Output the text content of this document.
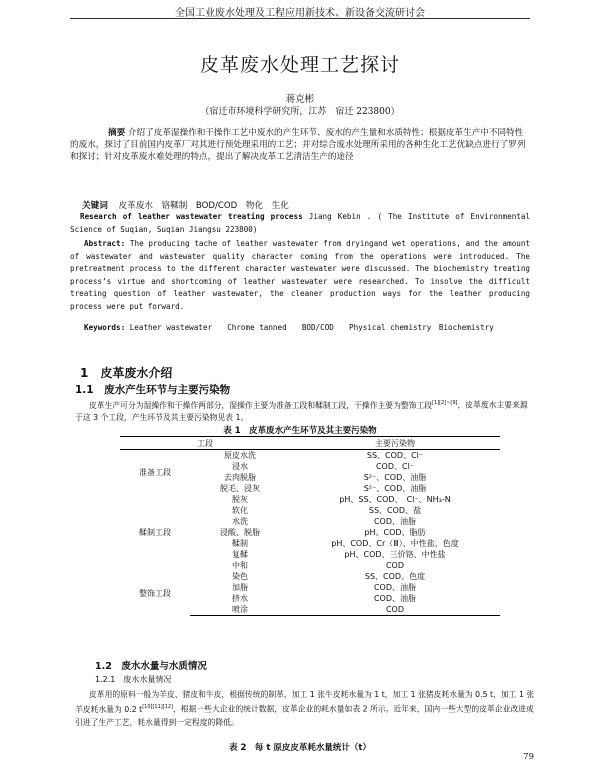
全国工业废水处理及工程应用新技术、新设备交流研讨会
皮革废水处理工艺探讨
蒋克彬
（宿迁市环境科学研究所，江苏　宿迁 223800）
摘要 介绍了皮革湿操作和干操作工艺中废水的产生环节、废水的产生量和水质特性；根据皮革生产中不同特性的废水，探讨了目前国内皮革厂对其进行预处理采用的工艺；并对综合废水处理所采用的各种生化工艺优缺点进行了罗列和探讨；针对皮革废水难处理的特点，提出了解决皮革工艺清洁生产的途径
关键词 皮革废水　铬鞣制　BOD/COD　物化　生化
Research of leather wastewater treating process Jiang Kebin . ( The Institute of Environmental Science of Suqian, Suqian Jiangsu 223800)
Abstract: The producing tache of leather wastewater from dryingand wet operations, and the amount of wastewater and wastewater quality character coming from the operations were introduced. The pretreatment process to the different character wastewater were discussed. The biochemistry treating process’s virtue and shortcoming of leather wastewater were researched. To insolve the difficult treating question of leather wastewater, the cleaner production ways for the leather producing process were put forward.
Keywords: Leather wastewater　　Chrome tanned　　BOD/COD　　Physical chemistry　Biochemistry
1　皮革废水介绍
1.1　废水产生环节与主要污染物
皮革生产可分为湿操作和干操作两部分，湿操作主要为准备工段和鞣制工段，干操作主要为整饰工段[1][2]~[9]，皮革废水主要来源于这 3 个工段，产生环节及其主要污染物见表 1。
表 1　皮革废水产生环节及其主要污染物
工段		主要污染物
准备工段	原皮水洗	SS、COD、Cl⁻
	浸水	COD、Cl⁻
	去肉脱脂	S²⁻、COD、油脂
	脱毛、浸灰	S²⁻、COD、油脂
鞣制工段	脱灰	pH、SS、COD、　Cl⁻、NH₃-N
	软化	SS、COD、盐
	水洗	COD、油脂
	浸酸、脱脂	pH、COD、脂肪
	鞣制	pH、COD、Cr（Ⅲ）、中性盐、色度
	复鞣	pH、COD、三价铬、中性盐
	中和	COD
整饰工段	染色	SS、COD、色度
	加脂	COD、油脂
	挤水	COD、油脂
	喷涂	COD
1.2　废水水量与水质情况
1.2.1　废水水量情况
皮革用的原料一般为羊皮、猪皮和牛皮，根据传统的制革，加工 1 张牛皮耗水量为 1 t，加工 1 张猪皮耗水量为 0.5 t，加工 1 张羊皮耗水量为 0.2 t[10][11][12]，根据一些大企业的统计数据，皮革企业的耗水量如表 2 所示。近年来，国内一些大型的皮革企业改进或引进了生产工艺，耗水量得到一定程度的降低。
表 2　每 t 原皮皮革耗水量统计（t）
79
